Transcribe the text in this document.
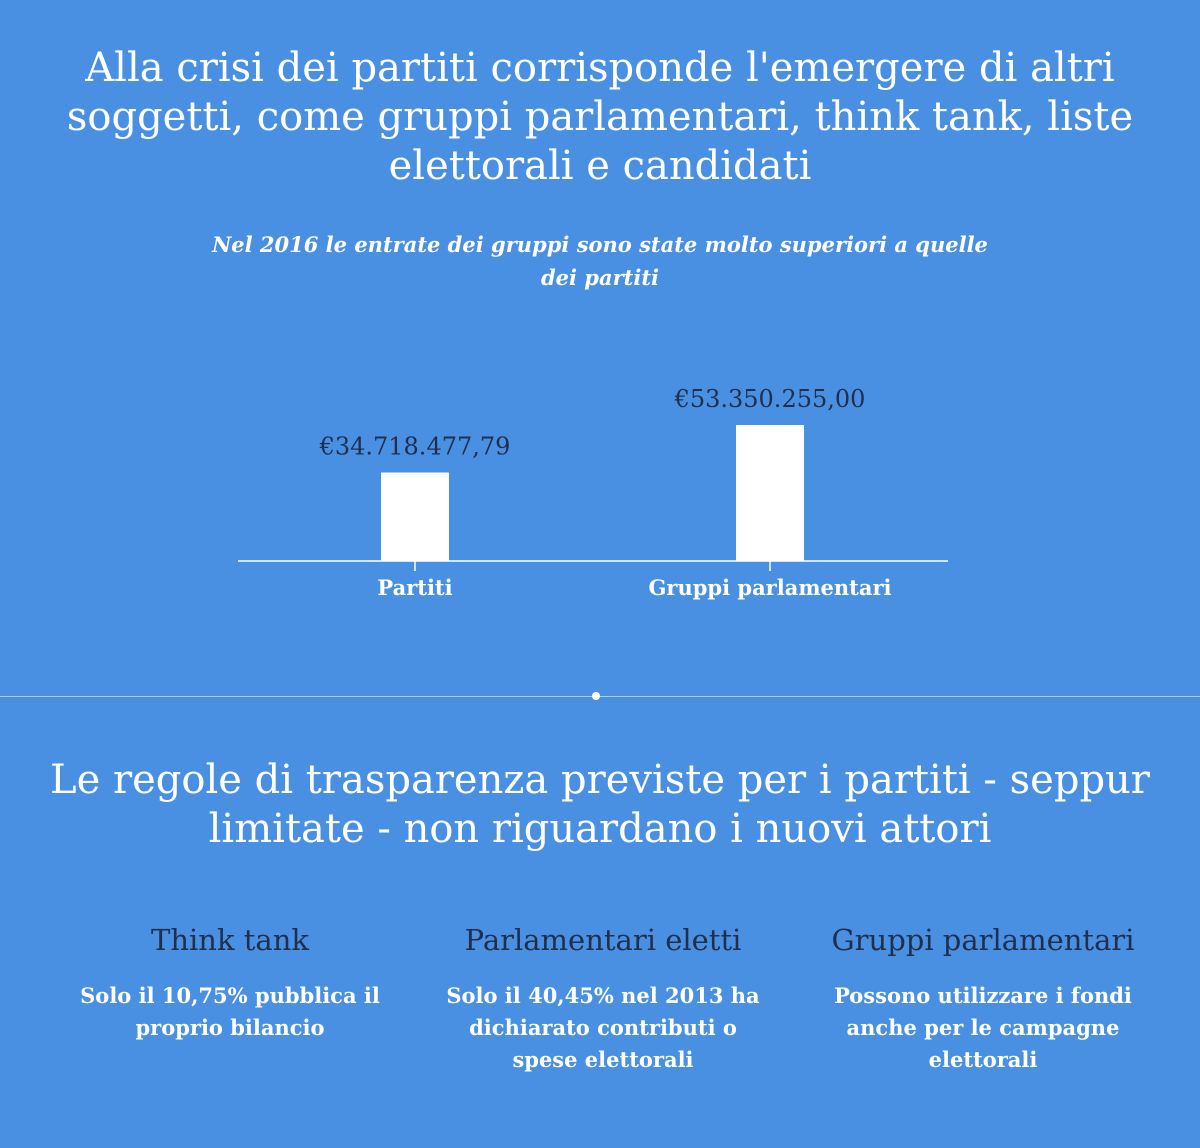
Alla crisi dei partiti corrisponde l'emergere di altri soggetti, come gruppi parlamentari, think tank, liste elettorali e candidati

Nel 2016 le entrate dei gruppi sono state molto superiori a quelle dei partiti

€34.718.477,79
Partiti
€53.350.255,00
Gruppi parlamentari
Le regole di trasparenza previste per i partiti - seppur limitate - non riguardano i nuovi attori
Think tank

Solo il 10,75% pubblica il proprio bilancio

Parlamentari eletti

Solo il 40,45% nel 2013 ha dichiarato contributi o spese elettorali

Gruppi parlamentari

Possono utilizzare i fondi anche per le campagne elettorali
